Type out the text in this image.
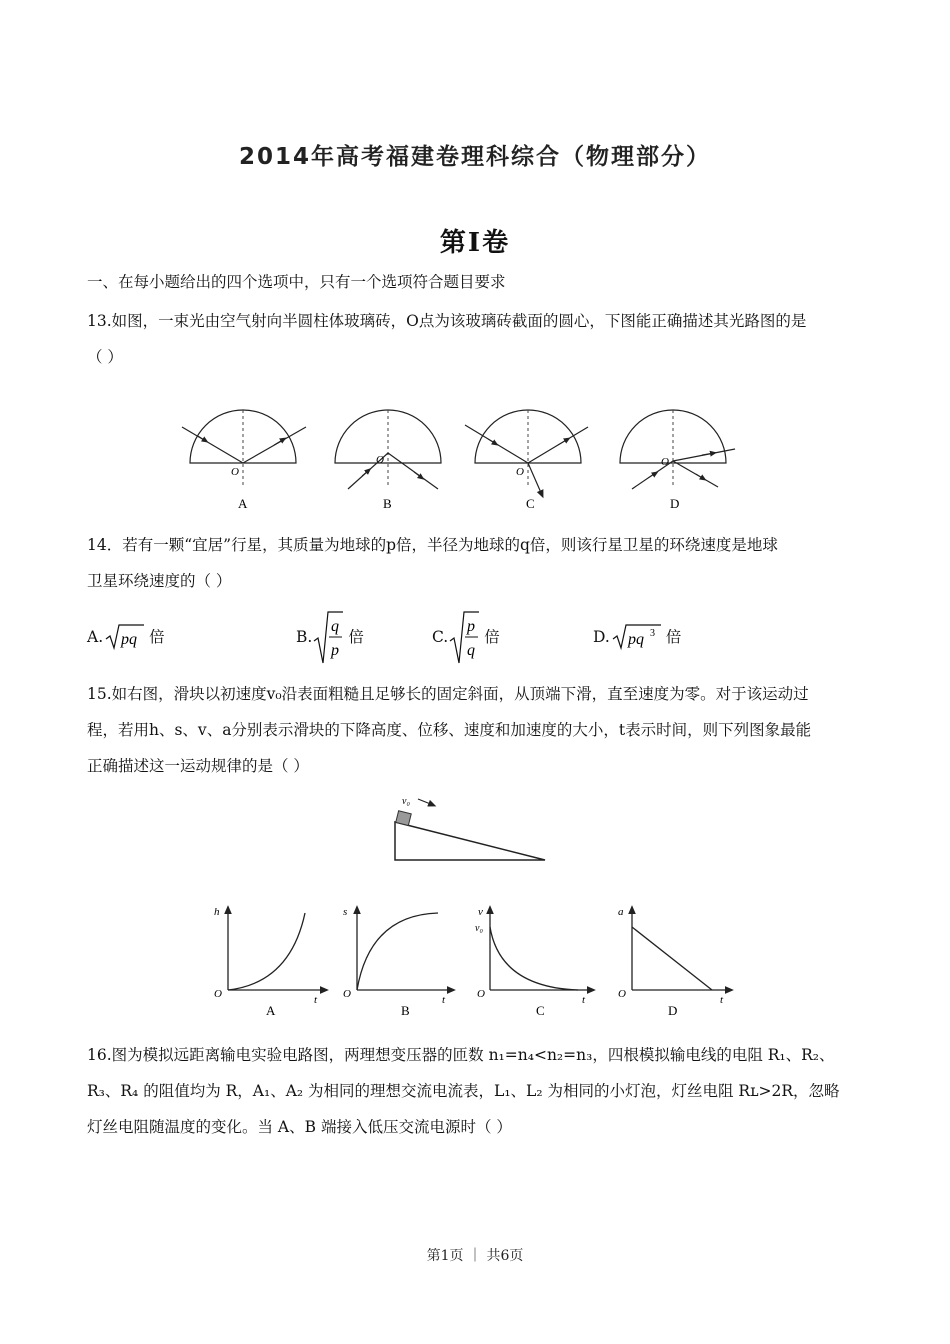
2014年高考福建卷理科综合（物理部分）
第I卷
一、在每小题给出的四个选项中，只有一个选项符合题目要求
13.如图，一束光由空气射向半圆柱体玻璃砖，O点为该玻璃砖截面的圆心，下图能正确描述其光路图的是
（ ）
O
A
O
B
O
C
O
D
14．若有一颗“宜居”行星，其质量为地球的p倍，半径为地球的q倍，则该行星卫星的环绕速度是地球
卫星环绕速度的（ ）
A. pq 倍	B.
q
p
倍	C.
p
q
倍	D. pq 3 倍
15.如右图，滑块以初速度v₀沿表面粗糙且足够长的固定斜面，从顶端下滑，直至速度为零。对于该运动过
程，若用h、s、v、a分别表示滑块的下降高度、位移、速度和加速度的大小，t表示时间，则下列图象最能
正确描述这一运动规律的是（ ）
v₀
h
t
O
A
s
t
O
B
v
v₀
t
O
C
a
t
O
D
16.图为模拟远距离输电实验电路图，两理想变压器的匝数 n₁=n₄<n₂=n₃，四根模拟输电线的电阻 R₁、R₂、
R₃、R₄ 的阻值均为 R，A₁、A₂ 为相同的理想交流电流表，L₁、L₂ 为相同的小灯泡，灯丝电阻 Rʟ>2R，忽略
灯丝电阻随温度的变化。当 A、B 端接入低压交流电源时（ ）
第1页 ｜ 共6页
